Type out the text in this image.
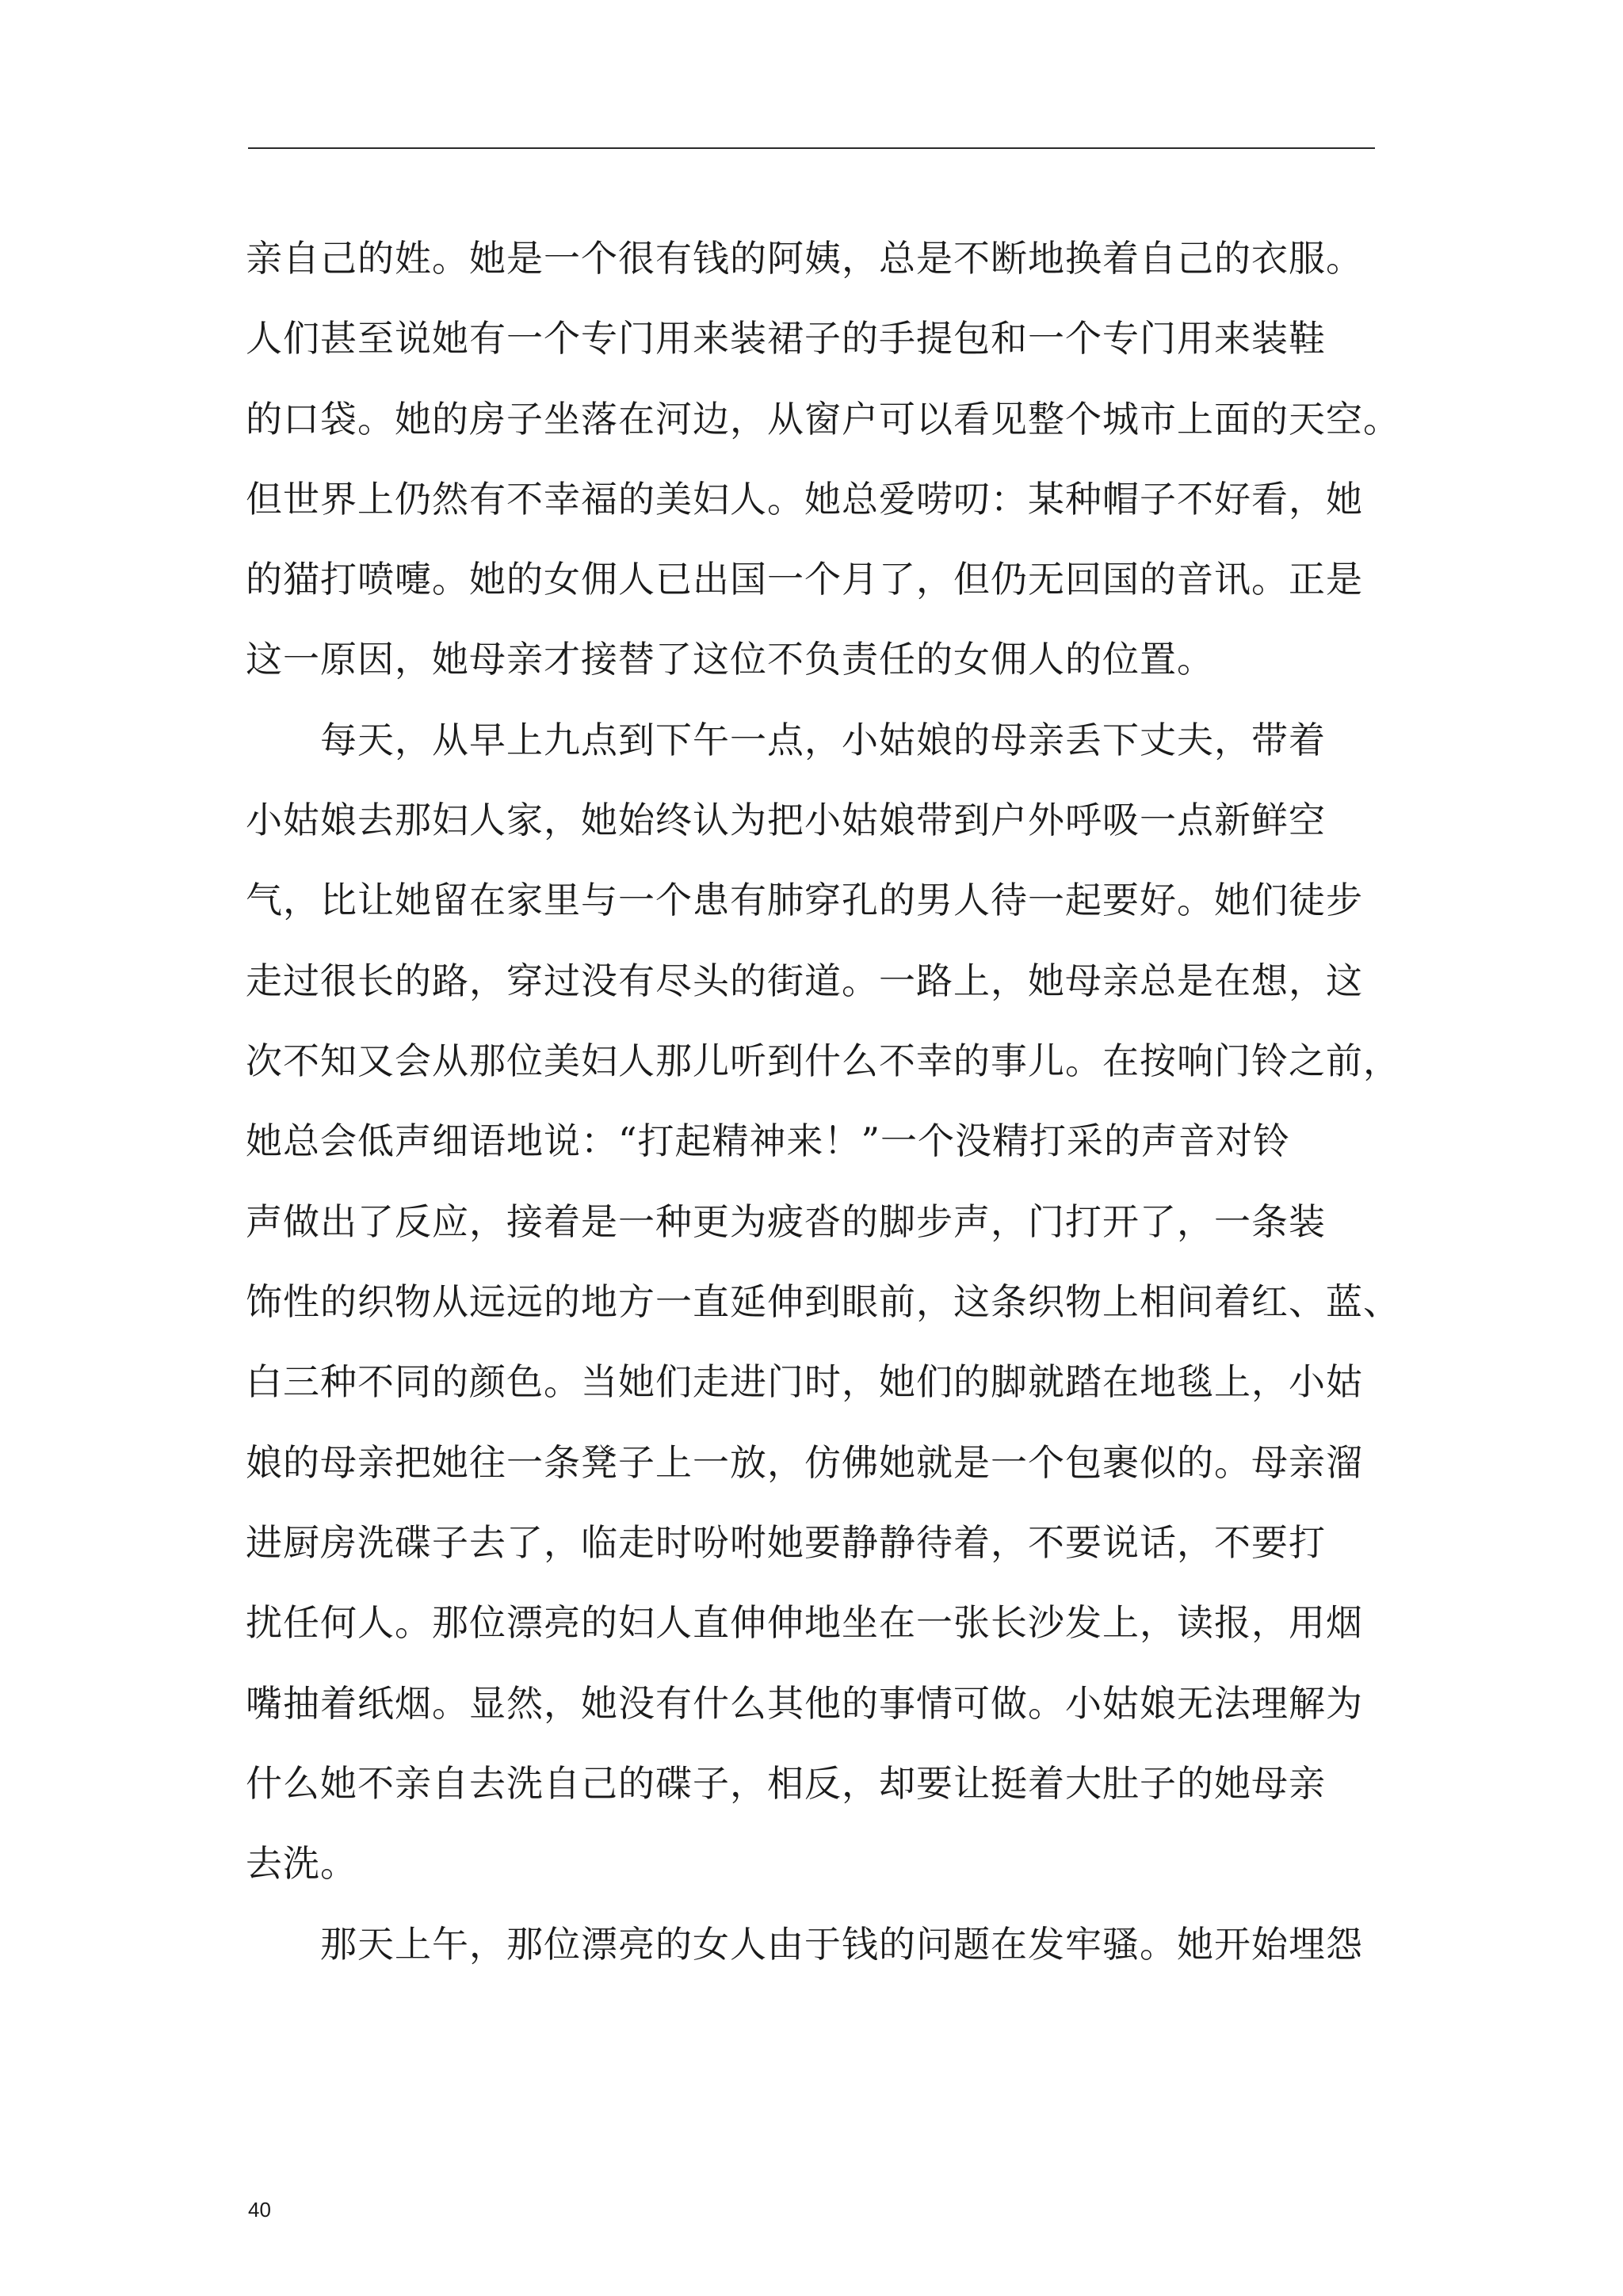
亲自己的姓。她是一个很有钱的阿姨，总是不断地换着自己的衣服。
人们甚至说她有一个专门用来装裙子的手提包和一个专门用来装鞋
的口袋。她的房子坐落在河边，从窗户可以看见整个城市上面的天空。
但世界上仍然有不幸福的美妇人。她总爱唠叨：某种帽子不好看，她
的猫打喷嚏。她的女佣人已出国一个月了，但仍无回国的音讯。正是
这一原因，她母亲才接替了这位不负责任的女佣人的位置。
每天，从早上九点到下午一点，小姑娘的母亲丢下丈夫，带着
小姑娘去那妇人家，她始终认为把小姑娘带到户外呼吸一点新鲜空
气，比让她留在家里与一个患有肺穿孔的男人待一起要好。她们徒步
走过很长的路，穿过没有尽头的街道。一路上，她母亲总是在想，这
次不知又会从那位美妇人那儿听到什么不幸的事儿。在按响门铃之前，
她总会低声细语地说：“打起精神来！”一个没精打采的声音对铃
声做出了反应，接着是一种更为疲沓的脚步声，门打开了，一条装
饰性的织物从远远的地方一直延伸到眼前，这条织物上相间着红、蓝、
白三种不同的颜色。当她们走进门时，她们的脚就踏在地毯上，小姑
娘的母亲把她往一条凳子上一放，仿佛她就是一个包裹似的。母亲溜
进厨房洗碟子去了，临走时吩咐她要静静待着，不要说话，不要打
扰任何人。那位漂亮的妇人直伸伸地坐在一张长沙发上，读报，用烟
嘴抽着纸烟。显然，她没有什么其他的事情可做。小姑娘无法理解为
什么她不亲自去洗自己的碟子，相反，却要让挺着大肚子的她母亲
去洗。
那天上午，那位漂亮的女人由于钱的问题在发牢骚。她开始埋怨
40
